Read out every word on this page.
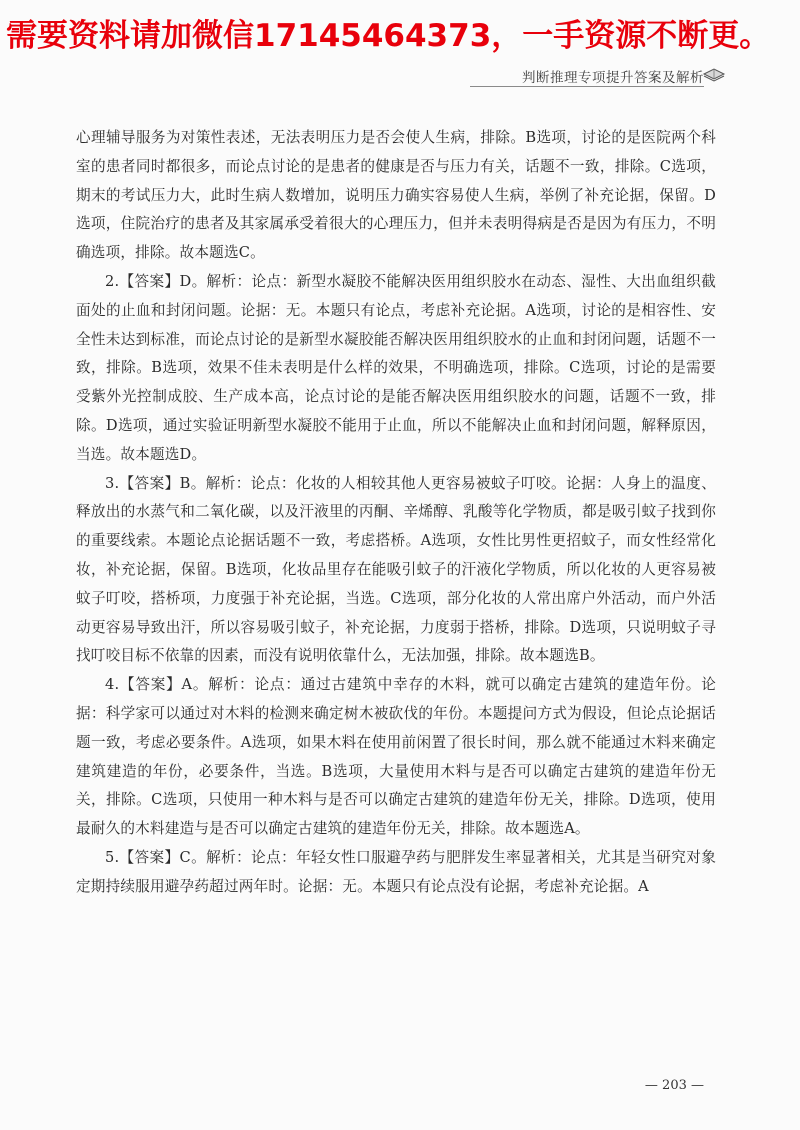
需要资料请加微信17145464373，一手资源不断更。
判断推理专项提升答案及解析

心理辅导服务为对策性表述，无法表明压力是否会使人生病，排除。B选项，讨论的是医院两个科室的患者同时都很多，而论点讨论的是患者的健康是否与压力有关，话题不一致，排除。C选项，期末的考试压力大，此时生病人数增加，说明压力确实容易使人生病，举例了补充论据，保留。D选项，住院治疗的患者及其家属承受着很大的心理压力，但并未表明得病是否是因为有压力，不明确选项，排除。故本题选C。

2.【答案】D。解析：论点：新型水凝胶不能解决医用组织胶水在动态、湿性、大出血组织截面处的止血和封闭问题。论据：无。本题只有论点，考虑补充论据。A选项，讨论的是相容性、安全性未达到标准，而论点讨论的是新型水凝胶能否解决医用组织胶水的止血和封闭问题，话题不一致，排除。B选项，效果不佳未表明是什么样的效果，不明确选项，排除。C选项，讨论的是需要受紫外光控制成胶、生产成本高，论点讨论的是能否解决医用组织胶水的问题，话题不一致，排除。D选项，通过实验证明新型水凝胶不能用于止血，所以不能解决止血和封闭问题，解释原因，当选。故本题选D。

3.【答案】B。解析：论点：化妆的人相较其他人更容易被蚊子叮咬。论据：人身上的温度、释放出的水蒸气和二氧化碳，以及汗液里的丙酮、辛烯醇、乳酸等化学物质，都是吸引蚊子找到你的重要线索。本题论点论据话题不一致，考虑搭桥。A选项，女性比男性更招蚊子，而女性经常化妆，补充论据，保留。B选项，化妆品里存在能吸引蚊子的汗液化学物质，所以化妆的人更容易被蚊子叮咬，搭桥项，力度强于补充论据，当选。C选项，部分化妆的人常出席户外活动，而户外活动更容易导致出汗，所以容易吸引蚊子，补充论据，力度弱于搭桥，排除。D选项，只说明蚊子寻找叮咬目标不依靠的因素，而没有说明依靠什么，无法加强，排除。故本题选B。

4.【答案】A。解析：论点：通过古建筑中幸存的木料，就可以确定古建筑的建造年份。论据：科学家可以通过对木料的检测来确定树木被砍伐的年份。本题提问方式为假设，但论点论据话题一致，考虑必要条件。A选项，如果木料在使用前闲置了很长时间，那么就不能通过木料来确定建筑建造的年份，必要条件，当选。B选项，大量使用木料与是否可以确定古建筑的建造年份无关，排除。C选项，只使用一种木料与是否可以确定古建筑的建造年份无关，排除。D选项，使用最耐久的木料建造与是否可以确定古建筑的建造年份无关，排除。故本题选A。

5.【答案】C。解析：论点：年轻女性口服避孕药与肥胖发生率显著相关，尤其是当研究对象定期持续服用避孕药超过两年时。论据：无。本题只有论点没有论据，考虑补充论据。A

— 203 —
